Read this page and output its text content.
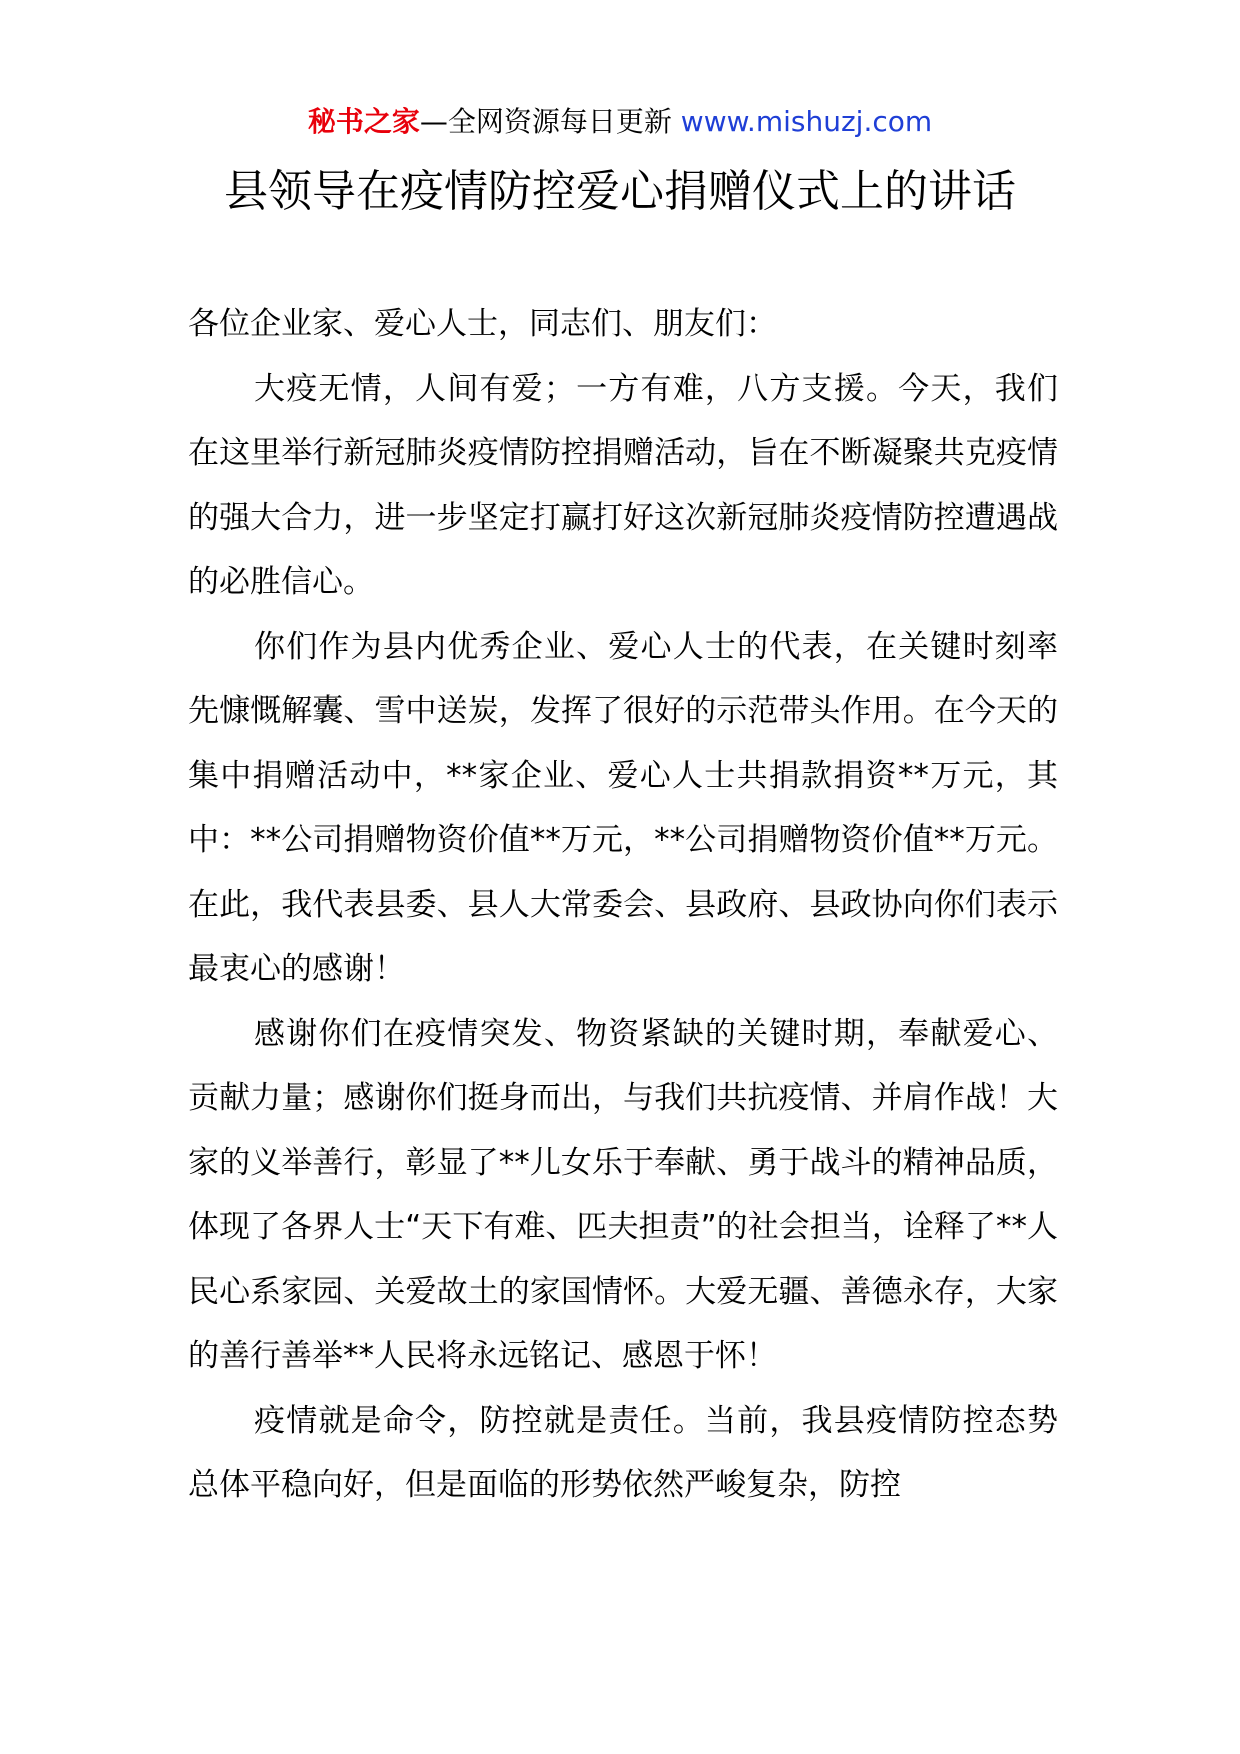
秘书之家—全网资源每日更新 www.mishuzj.com
县领导在疫情防控爱心捐赠仪式上的讲话

各位企业家、爱心人士，同志们、朋友们：

大疫无情，人间有爱；一方有难，八方支援。今天，我们在这里举行新冠肺炎疫情防控捐赠活动，旨在不断凝聚共克疫情的强大合力，进一步坚定打赢打好这次新冠肺炎疫情防控遭遇战的必胜信心。

你们作为县内优秀企业、爱心人士的代表，在关键时刻率先慷慨解囊、雪中送炭，发挥了很好的示范带头作用。在今天的集中捐赠活动中，**家企业、爱心人士共捐款捐资**万元，其中：**公司捐赠物资价值**万元，**公司捐赠物资价值**万元。在此，我代表县委、县人大常委会、县政府、县政协向你们表示最衷心的感谢！

感谢你们在疫情突发、物资紧缺的关键时期，奉献爱心、贡献力量；感谢你们挺身而出，与我们共抗疫情、并肩作战！大家的义举善行，彰显了**儿女乐于奉献、勇于战斗的精神品质，体现了各界人士“天下有难、匹夫担责”的社会担当，诠释了**人民心系家园、关爱故土的家国情怀。大爱无疆、善德永存，大家的善行善举**人民将永远铭记、感恩于怀！

疫情就是命令，防控就是责任。当前，我县疫情防控态势总体平稳向好，但是面临的形势依然严峻复杂，防控
